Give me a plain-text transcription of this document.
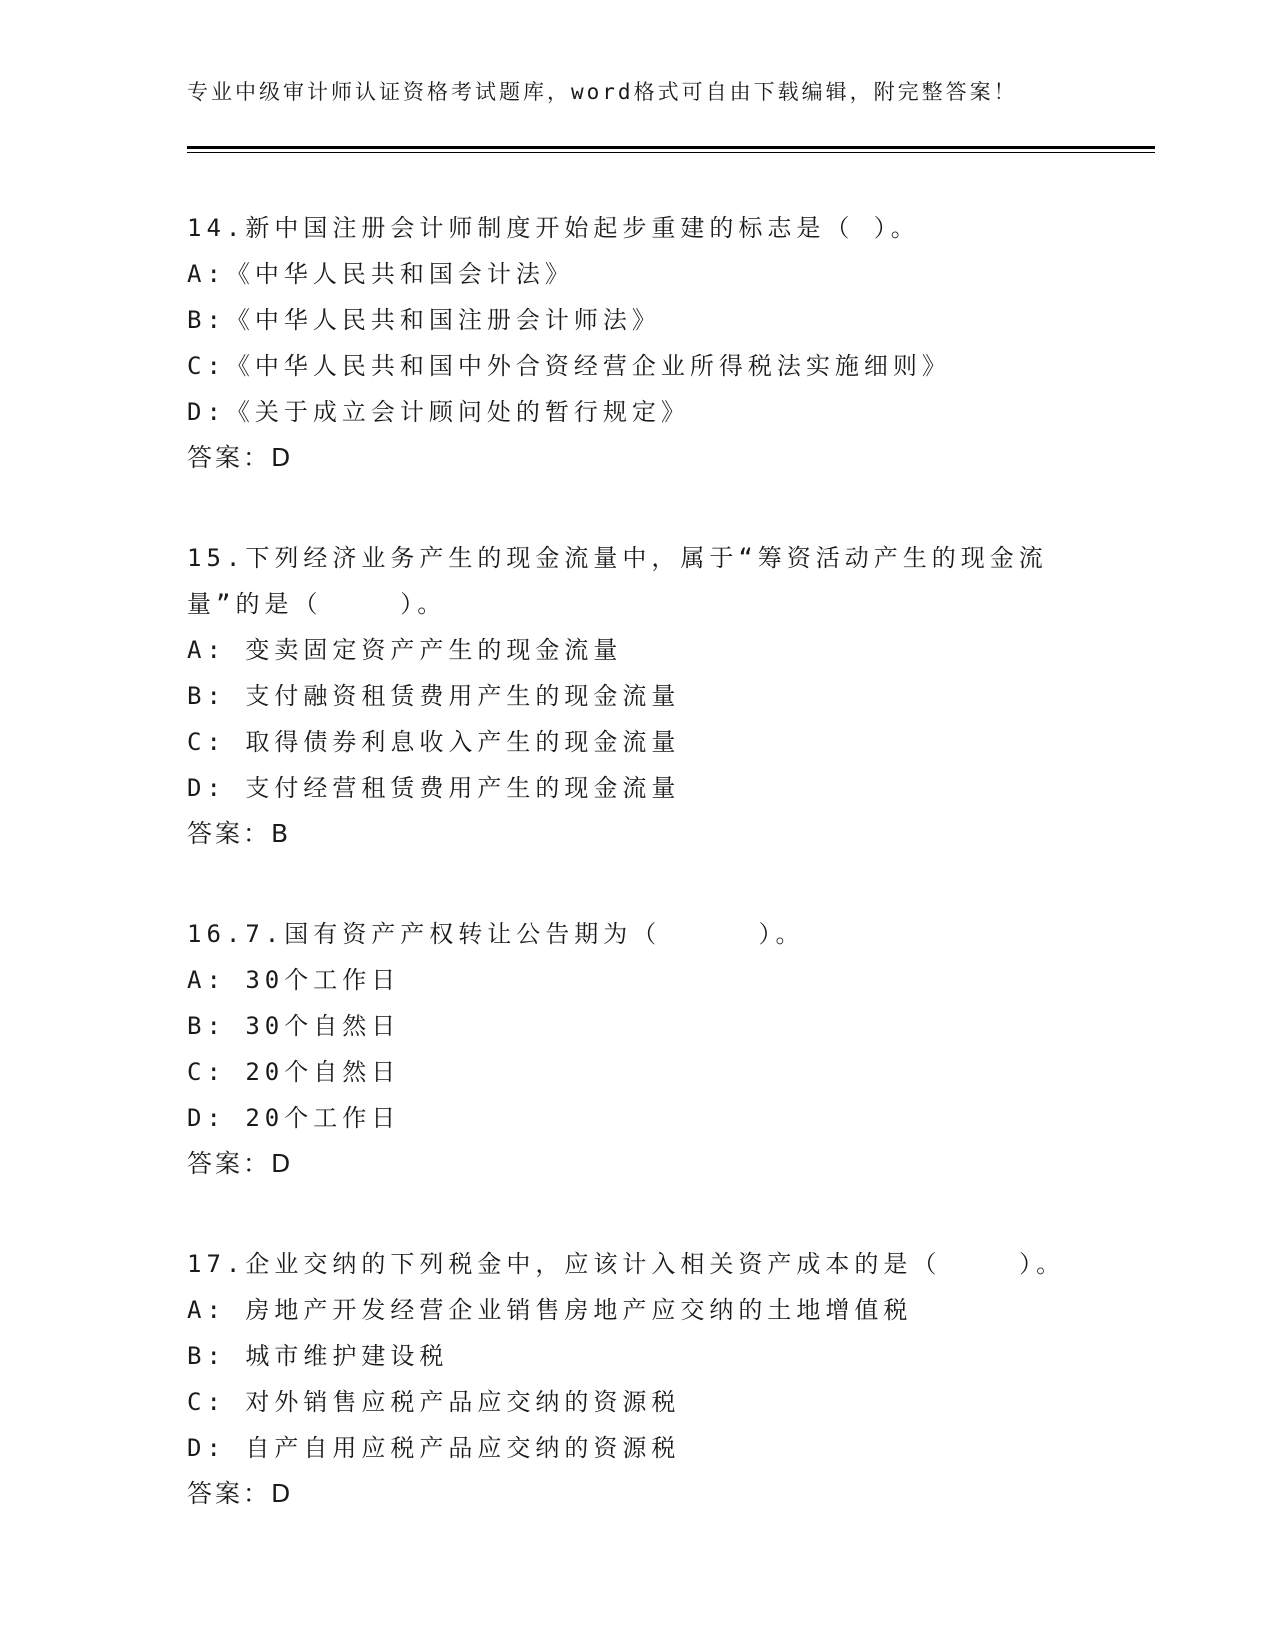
专业中级审计师认证资格考试题库，word格式可自由下载编辑，附完整答案！
14.新中国注册会计师制度开始起步重建的标志是（ ）。
A:《中华人民共和国会计法》
B:《中华人民共和国注册会计师法》
C:《中华人民共和国中外合资经营企业所得税法实施细则》
D:《关于成立会计顾问处的暂行规定》
答案：D
15.下列经济业务产生的现金流量中，属于“筹资活动产生的现金流量”的是（    ）。
A: 变卖固定资产产生的现金流量
B: 支付融资租赁费用产生的现金流量
C: 取得债券利息收入产生的现金流量
D: 支付经营租赁费用产生的现金流量
答案：B
16.7.国有资产产权转让公告期为（     ）。
A: 30个工作日
B: 30个自然日
C: 20个自然日
D: 20个工作日
答案：D
17.企业交纳的下列税金中，应该计入相关资产成本的是（    ）。
A: 房地产开发经营企业销售房地产应交纳的土地增值税
B: 城市维护建设税
C: 对外销售应税产品应交纳的资源税
D: 自产自用应税产品应交纳的资源税
答案：D
